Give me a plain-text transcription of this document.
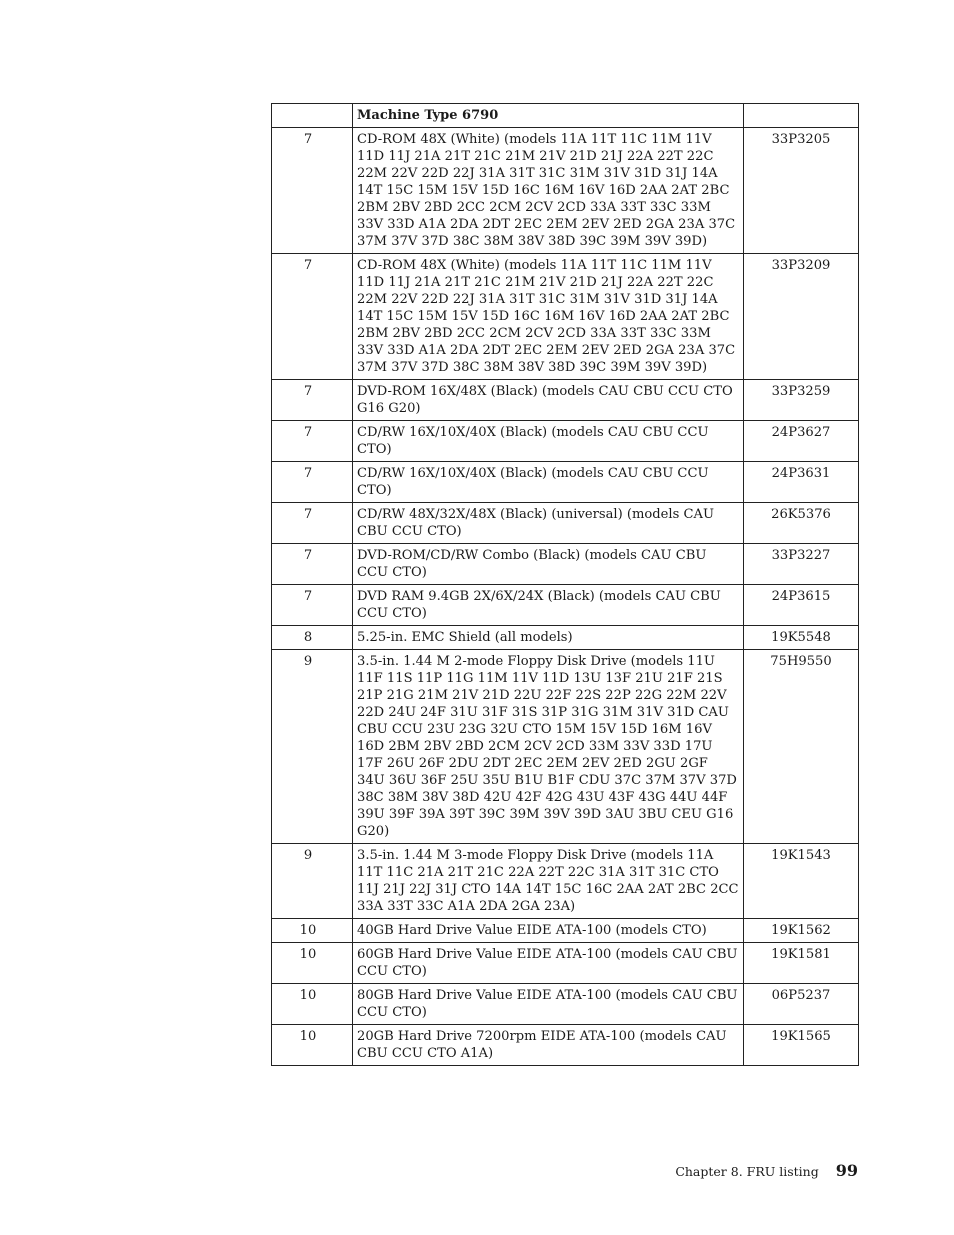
	Machine Type 6790	
7	CD-ROM 48X (White) (models 11A 11T 11C 11M 11V 11D 11J 21A 21T 21C 21M 21V 21D 21J 22A 22T 22C 22M 22V 22D 22J 31A 31T 31C 31M 31V 31D 31J 14A 14T 15C 15M 15V 15D 16C 16M 16V 16D 2AA 2AT 2BC 2BM 2BV 2BD 2CC 2CM 2CV 2CD 33A 33T 33C 33M 33V 33D A1A 2DA 2DT 2EC 2EM 2EV 2ED 2GA 23A 37C 37M 37V 37D 38C 38M 38V 38D 39C 39M 39V 39D)	33P3205
7	CD-ROM 48X (White) (models 11A 11T 11C 11M 11V 11D 11J 21A 21T 21C 21M 21V 21D 21J 22A 22T 22C 22M 22V 22D 22J 31A 31T 31C 31M 31V 31D 31J 14A 14T 15C 15M 15V 15D 16C 16M 16V 16D 2AA 2AT 2BC 2BM 2BV 2BD 2CC 2CM 2CV 2CD 33A 33T 33C 33M 33V 33D A1A 2DA 2DT 2EC 2EM 2EV 2ED 2GA 23A 37C 37M 37V 37D 38C 38M 38V 38D 39C 39M 39V 39D)	33P3209
7	DVD-ROM 16X/48X (Black) (models CAU CBU CCU CTO G16 G20)	33P3259
7	CD/RW 16X/10X/40X (Black) (models CAU CBU CCU CTO)	24P3627
7	CD/RW 16X/10X/40X (Black) (models CAU CBU CCU CTO)	24P3631
7	CD/RW 48X/32X/48X (Black) (universal) (models CAU CBU CCU CTO)	26K5376
7	DVD-ROM/CD/RW Combo (Black) (models CAU CBU CCU CTO)	33P3227
7	DVD RAM 9.4GB 2X/6X/24X (Black) (models CAU CBU CCU CTO)	24P3615
8	5.25-in. EMC Shield (all models)	19K5548
9	3.5-in. 1.44 M 2-mode Floppy Disk Drive (models 11U 11F 11S 11P 11G 11M 11V 11D 13U 13F 21U 21F 21S 21P 21G 21M 21V 21D 22U 22F 22S 22P 22G 22M 22V 22D 24U 24F 31U 31F 31S 31P 31G 31M 31V 31D CAU CBU CCU 23U 23G 32U CTO 15M 15V 15D 16M 16V 16D 2BM 2BV 2BD 2CM 2CV 2CD 33M 33V 33D 17U 17F 26U 26F 2DU 2DT 2EC 2EM 2EV 2ED 2GU 2GF 34U 36U 36F 25U 35U B1U B1F CDU 37C 37M 37V 37D 38C 38M 38V 38D 42U 42F 42G 43U 43F 43G 44U 44F 39U 39F 39A 39T 39C 39M 39V 39D 3AU 3BU CEU G16 G20)	75H9550
9	3.5-in. 1.44 M 3-mode Floppy Disk Drive (models 11A 11T 11C 21A 21T 21C 22A 22T 22C 31A 31T 31C CTO 11J 21J 22J 31J CTO 14A 14T 15C 16C 2AA 2AT 2BC 2CC 33A 33T 33C A1A 2DA 2GA 23A)	19K1543
10	40GB Hard Drive Value EIDE ATA-100 (models CTO)	19K1562
10	60GB Hard Drive Value EIDE ATA-100 (models CAU CBU CCU CTO)	19K1581
10	80GB Hard Drive Value EIDE ATA-100 (models CAU CBU CCU CTO)	06P5237
10	20GB Hard Drive 7200rpm EIDE ATA-100 (models CAU CBU CCU CTO A1A)	19K1565
Chapter 8. FRU listing 99
